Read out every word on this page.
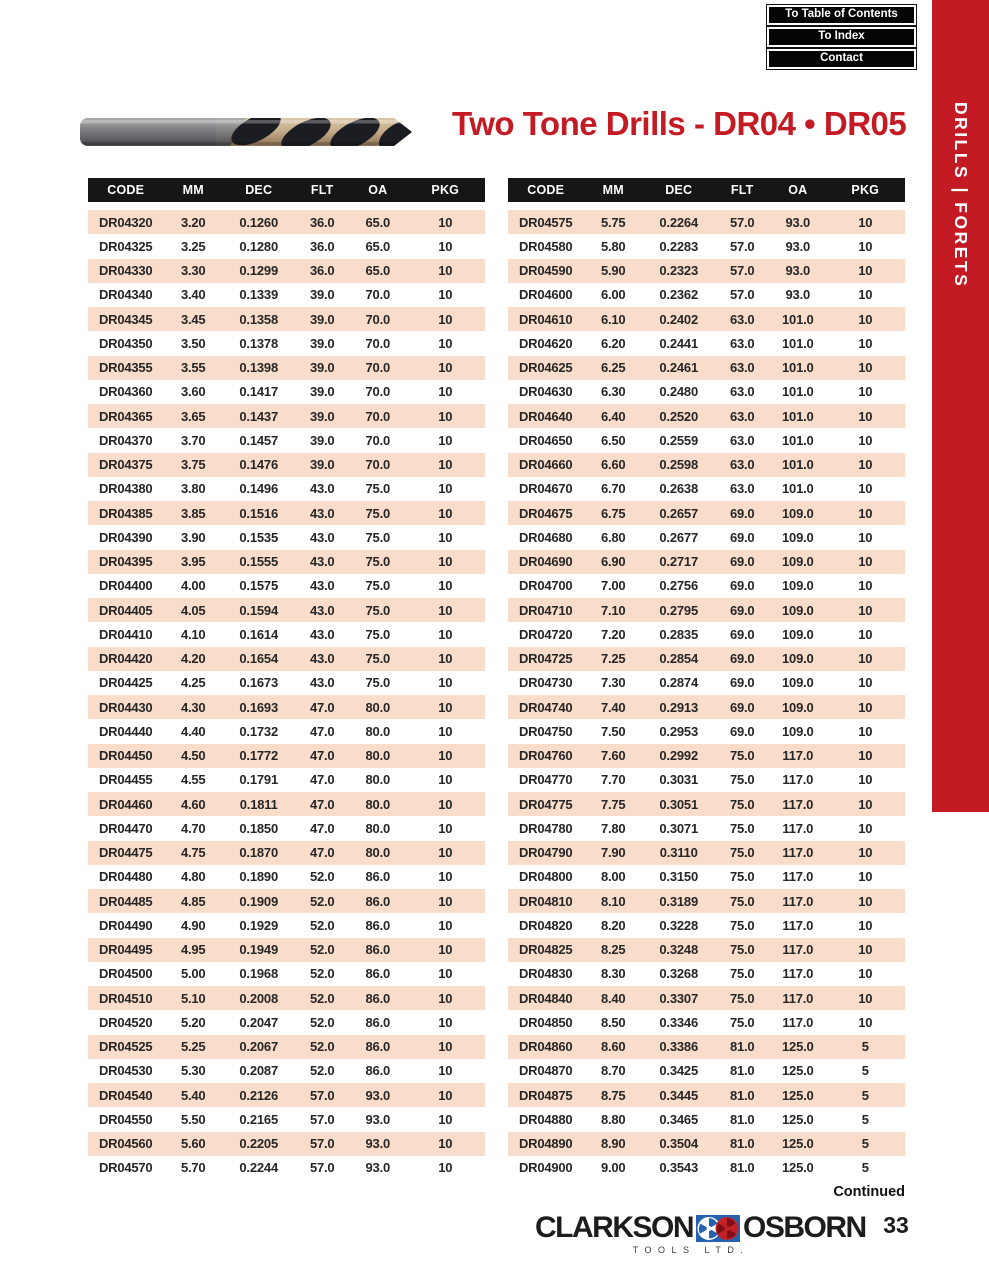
To Table of Contents
To Index
Contact
DRILLS | FORETS
Two Tone Drills - DR04 • DR05
CODE	MM	DEC	FLT	OA	PKG
DR04320	3.20	0.1260	36.0	65.0	10
DR04325	3.25	0.1280	36.0	65.0	10
DR04330	3.30	0.1299	36.0	65.0	10
DR04340	3.40	0.1339	39.0	70.0	10
DR04345	3.45	0.1358	39.0	70.0	10
DR04350	3.50	0.1378	39.0	70.0	10
DR04355	3.55	0.1398	39.0	70.0	10
DR04360	3.60	0.1417	39.0	70.0	10
DR04365	3.65	0.1437	39.0	70.0	10
DR04370	3.70	0.1457	39.0	70.0	10
DR04375	3.75	0.1476	39.0	70.0	10
DR04380	3.80	0.1496	43.0	75.0	10
DR04385	3.85	0.1516	43.0	75.0	10
DR04390	3.90	0.1535	43.0	75.0	10
DR04395	3.95	0.1555	43.0	75.0	10
DR04400	4.00	0.1575	43.0	75.0	10
DR04405	4.05	0.1594	43.0	75.0	10
DR04410	4.10	0.1614	43.0	75.0	10
DR04420	4.20	0.1654	43.0	75.0	10
DR04425	4.25	0.1673	43.0	75.0	10
DR04430	4.30	0.1693	47.0	80.0	10
DR04440	4.40	0.1732	47.0	80.0	10
DR04450	4.50	0.1772	47.0	80.0	10
DR04455	4.55	0.1791	47.0	80.0	10
DR04460	4.60	0.1811	47.0	80.0	10
DR04470	4.70	0.1850	47.0	80.0	10
DR04475	4.75	0.1870	47.0	80.0	10
DR04480	4.80	0.1890	52.0	86.0	10
DR04485	4.85	0.1909	52.0	86.0	10
DR04490	4.90	0.1929	52.0	86.0	10
DR04495	4.95	0.1949	52.0	86.0	10
DR04500	5.00	0.1968	52.0	86.0	10
DR04510	5.10	0.2008	52.0	86.0	10
DR04520	5.20	0.2047	52.0	86.0	10
DR04525	5.25	0.2067	52.0	86.0	10
DR04530	5.30	0.2087	52.0	86.0	10
DR04540	5.40	0.2126	57.0	93.0	10
DR04550	5.50	0.2165	57.0	93.0	10
DR04560	5.60	0.2205	57.0	93.0	10
DR04570	5.70	0.2244	57.0	93.0	10
CODE	MM	DEC	FLT	OA	PKG
DR04575	5.75	0.2264	57.0	93.0	10
DR04580	5.80	0.2283	57.0	93.0	10
DR04590	5.90	0.2323	57.0	93.0	10
DR04600	6.00	0.2362	57.0	93.0	10
DR04610	6.10	0.2402	63.0	101.0	10
DR04620	6.20	0.2441	63.0	101.0	10
DR04625	6.25	0.2461	63.0	101.0	10
DR04630	6.30	0.2480	63.0	101.0	10
DR04640	6.40	0.2520	63.0	101.0	10
DR04650	6.50	0.2559	63.0	101.0	10
DR04660	6.60	0.2598	63.0	101.0	10
DR04670	6.70	0.2638	63.0	101.0	10
DR04675	6.75	0.2657	69.0	109.0	10
DR04680	6.80	0.2677	69.0	109.0	10
DR04690	6.90	0.2717	69.0	109.0	10
DR04700	7.00	0.2756	69.0	109.0	10
DR04710	7.10	0.2795	69.0	109.0	10
DR04720	7.20	0.2835	69.0	109.0	10
DR04725	7.25	0.2854	69.0	109.0	10
DR04730	7.30	0.2874	69.0	109.0	10
DR04740	7.40	0.2913	69.0	109.0	10
DR04750	7.50	0.2953	69.0	109.0	10
DR04760	7.60	0.2992	75.0	117.0	10
DR04770	7.70	0.3031	75.0	117.0	10
DR04775	7.75	0.3051	75.0	117.0	10
DR04780	7.80	0.3071	75.0	117.0	10
DR04790	7.90	0.3110	75.0	117.0	10
DR04800	8.00	0.3150	75.0	117.0	10
DR04810	8.10	0.3189	75.0	117.0	10
DR04820	8.20	0.3228	75.0	117.0	10
DR04825	8.25	0.3248	75.0	117.0	10
DR04830	8.30	0.3268	75.0	117.0	10
DR04840	8.40	0.3307	75.0	117.0	10
DR04850	8.50	0.3346	75.0	117.0	10
DR04860	8.60	0.3386	81.0	125.0	5
DR04870	8.70	0.3425	81.0	125.0	5
DR04875	8.75	0.3445	81.0	125.0	5
DR04880	8.80	0.3465	81.0	125.0	5
DR04890	8.90	0.3504	81.0	125.0	5
DR04900	9.00	0.3543	81.0	125.0	5
Continued
CLARKSON OSBORN
TOOLS LTD.
33
